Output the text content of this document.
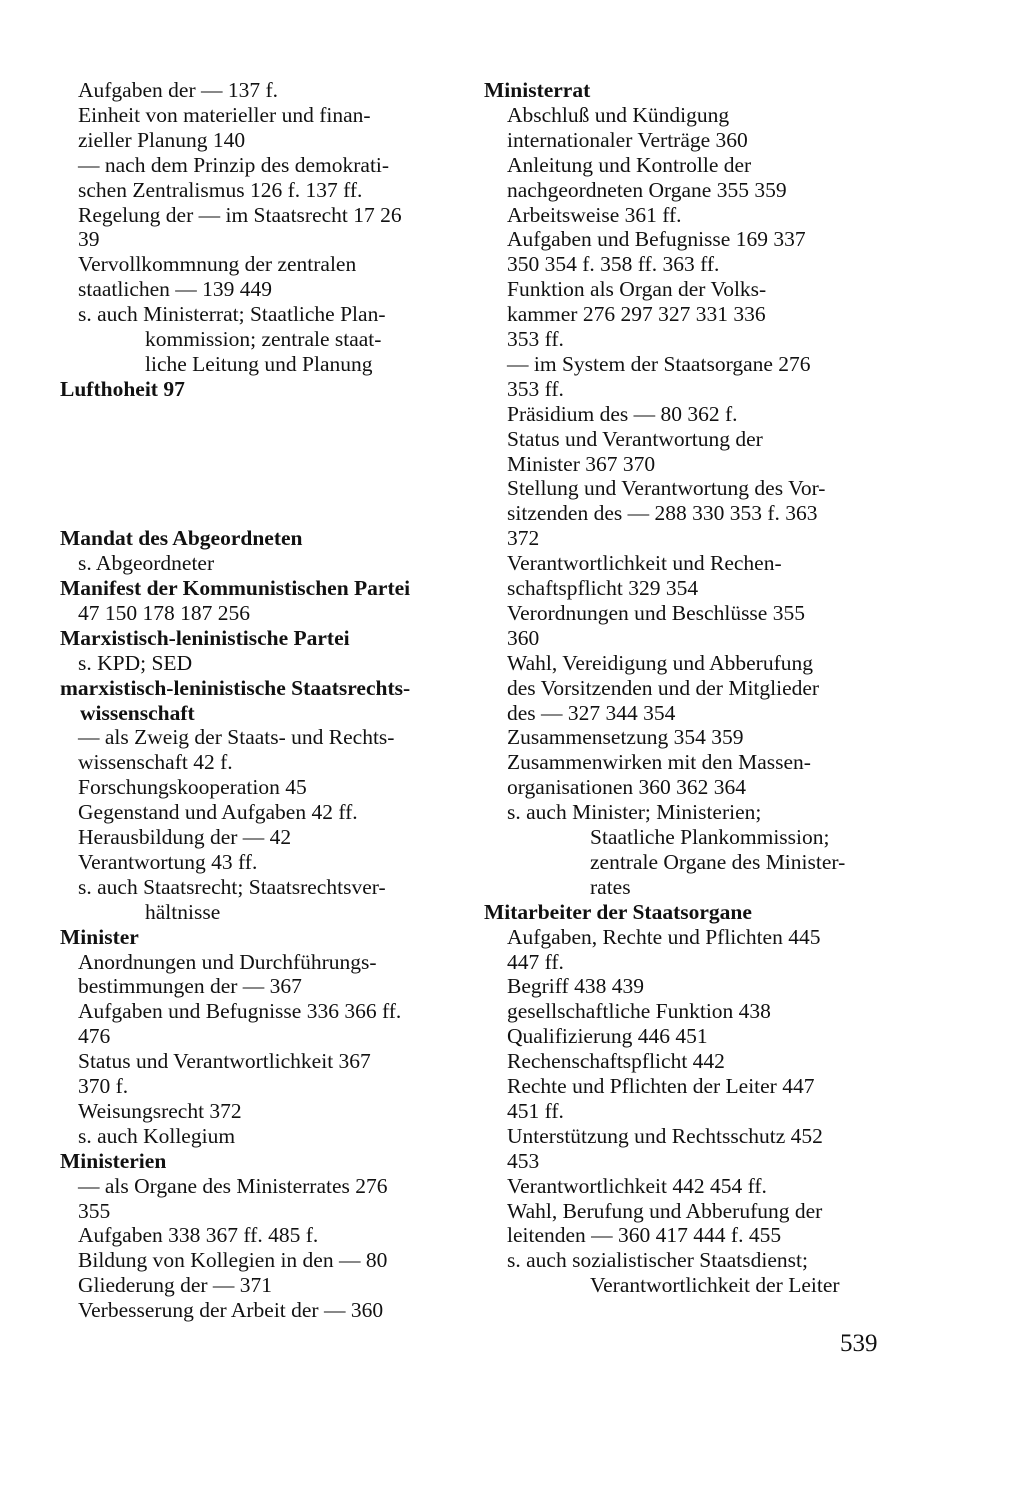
Aufgaben der — 137 f.
Einheit von materieller und finan-
zieller Planung 140
— nach dem Prinzip des demokrati-
schen Zentralismus 126 f. 137 ff.
Regelung der — im Staatsrecht 17 26
39
Vervollkommnung der zentralen
staatlichen — 139 449
s. auch Ministerrat; Staatliche Plan-
kommission; zentrale staat-
liche Leitung und Planung
Lufthoheit 97
Mandat des Abgeordneten
s. Abgeordneter
Manifest der Kommunistischen Partei
47 150 178 187 256
Marxistisch-leninistische Partei
s. KPD; SED
marxistisch-leninistische Staatsrechts-
wissenschaft
— als Zweig der Staats- und Rechts-
wissenschaft 42 f.
Forschungskooperation 45
Gegenstand und Aufgaben 42 ff.
Herausbildung der — 42
Verantwortung 43 ff.
s. auch Staatsrecht; Staatsrechtsver-
hältnisse
Minister
Anordnungen und Durchführungs-
bestimmungen der — 367
Aufgaben und Befugnisse 336 366 ff.
476
Status und Verantwortlichkeit 367
370 f.
Weisungsrecht 372
s. auch Kollegium
Ministerien
— als Organe des Ministerrates 276
355
Aufgaben 338 367 ff. 485 f.
Bildung von Kollegien in den — 80
Gliederung der — 371
Verbesserung der Arbeit der — 360
Ministerrat
Abschluß und Kündigung
internationaler Verträge 360
Anleitung und Kontrolle der
nachgeordneten Organe 355 359
Arbeitsweise 361 ff.
Aufgaben und Befugnisse 169 337
350 354 f. 358 ff. 363 ff.
Funktion als Organ der Volks-
kammer 276 297 327 331 336
353 ff.
— im System der Staatsorgane 276
353 ff.
Präsidium des — 80 362 f.
Status und Verantwortung der
Minister 367 370
Stellung und Verantwortung des Vor-
sitzenden des — 288 330 353 f. 363
372
Verantwortlichkeit und Rechen-
schaftspflicht 329 354
Verordnungen und Beschlüsse 355
360
Wahl, Vereidigung und Abberufung
des Vorsitzenden und der Mitglieder
des — 327 344 354
Zusammensetzung 354 359
Zusammenwirken mit den Massen-
organisationen 360 362 364
s. auch Minister; Ministerien;
Staatliche Plankommission;
zentrale Organe des Minister-
rates
Mitarbeiter der Staatsorgane
Aufgaben, Rechte und Pflichten 445
447 ff.
Begriff 438 439
gesellschaftliche Funktion 438
Qualifizierung 446 451
Rechenschaftspflicht 442
Rechte und Pflichten der Leiter 447
451 ff.
Unterstützung und Rechtsschutz 452
453
Verantwortlichkeit 442 454 ff.
Wahl, Berufung und Abberufung der
leitenden — 360 417 444 f. 455
s. auch sozialistischer Staatsdienst;
Verantwortlichkeit der Leiter
539
